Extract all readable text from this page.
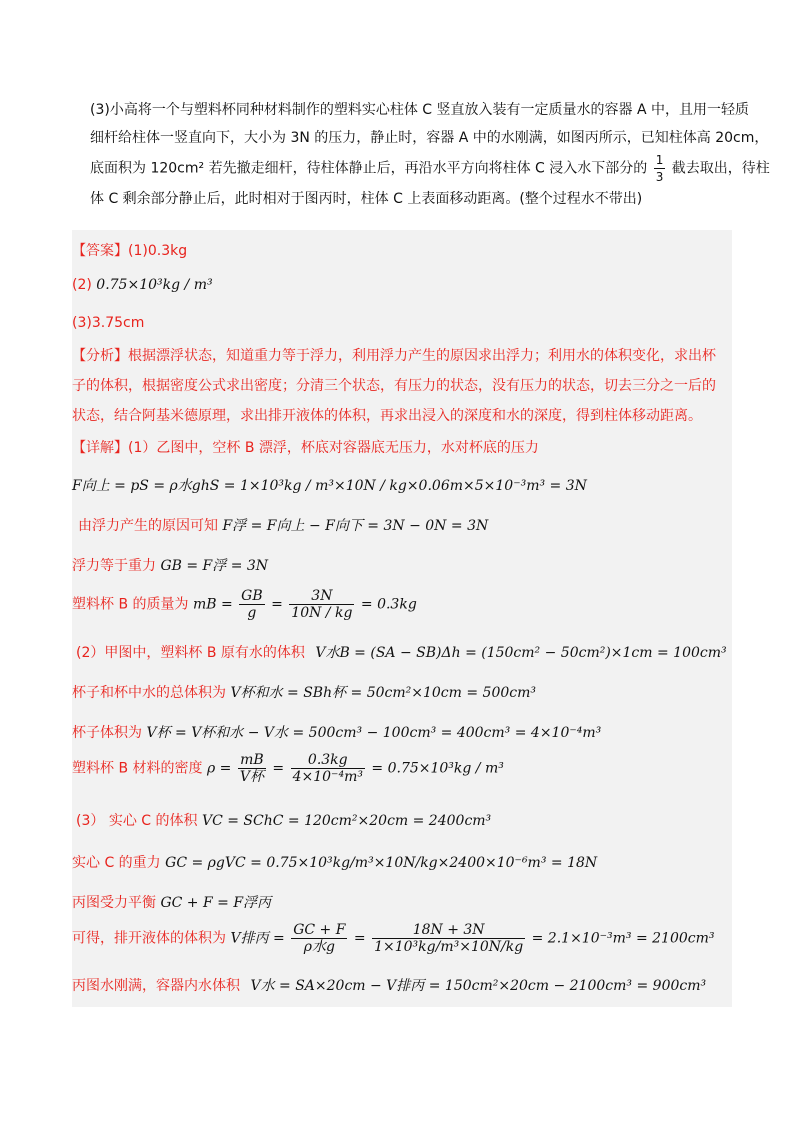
(3)小高将一个与塑料杯同种材料制作的塑料实心柱体 C 竖直放入装有一定质量水的容器 A 中，且用一轻质

细杆给柱体一竖直向下，大小为 3N 的压力，静止时，容器 A 中的水刚满，如图丙所示，已知柱体高 20cm，

底面积为 120cm² 若先撤走细杆，待柱体静止后，再沿水平方向将柱体 C 浸入水下部分的 $\frac{1}{3}$ 截去取出，待柱

体 C 剩余部分静止后，此时相对于图丙时，柱体 C 上表面移动距离。(整个过程水不带出)

【答案】(1)0.3kg
(2) 0.75×10³kg / m³
(3)3.75cm
【分析】根据漂浮状态，知道重力等于浮力，利用浮力产生的原因求出浮力；利用水的体积变化，求出杯
子的体积，根据密度公式求出密度；分清三个状态，有压力的状态，没有压力的状态，切去三分之一后的
状态，结合阿基米德原理，求出排开液体的体积，再求出浸入的深度和水的深度，得到柱体移动距离。
【详解】(1）乙图中，空杯 B 漂浮，杯底对容器底无压力，水对杯底的压力
F向上 = pS = ρ水ghS = 1×10³kg / m³×10N / kg×0.06m×5×10⁻³m³ = 3N
由浮力产生的原因可知 F浮 = F向上 − F向下 = 3N − 0N = 3N
浮力等于重力 GB = F浮 = 3N
塑料杯 B 的质量为 mB = $\frac{GB}{g} = \frac{3N}{10N / kg} = 0.3kg$
(2）甲图中，塑料杯 B 原有水的体积 V水B = (SA − SB)Δh = (150cm² − 50cm²)×1cm = 100cm³
杯子和杯中水的总体积为 V杯和水 = SBh杯 = 50cm²×10cm = 500cm³
杯子体积为 V杯 = V杯和水 − V水 = 500cm³ − 100cm³ = 400cm³ = 4×10⁻⁴m³
塑料杯 B 材料的密度 $\rho = \frac{mB}{\text{V杯}} = \frac{0.3kg}{\text{4×10⁻⁴m³}} = 0.75\times 10^3kg / m^3$
(3） 实心 C 的体积 VC = SChC = 120cm²×20cm = 2400cm³
实心 C 的重力 GC = ρgVC = 0.75×10³kg/m³×10N/kg×2400×10⁻⁶m³ = 18N
丙图受力平衡 GC + F = F浮丙
可得，排开液体的体积为 V排丙 = $\frac{GC + F}{\text{ρ水g}} = \frac{18N + 3N}{\text{1×10³kg/m³×10N/kg}} = 2.1\times 10^{-3}m^3 = 2100cm^3$
丙图水刚满，容器内水体积 V水 = SA×20cm − V排丙 = 150cm²×20cm − 2100cm³ = 900cm³
